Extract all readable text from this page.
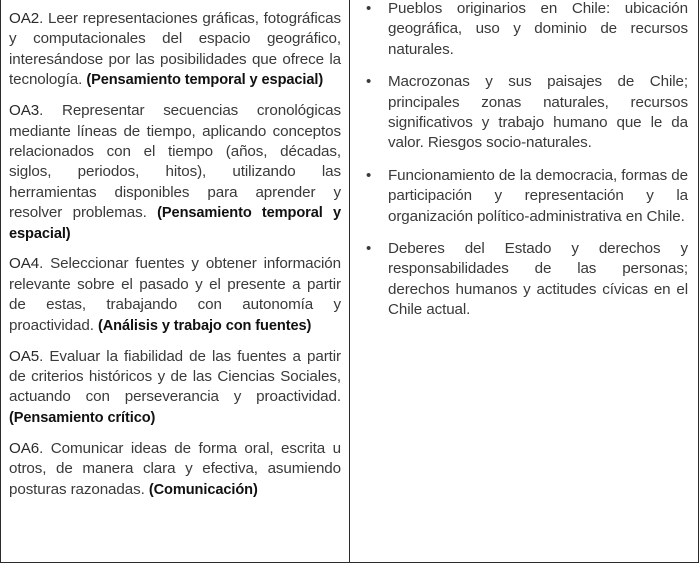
OA2. Leer representaciones gráficas, fotográficas y computacionales del espacio geográfico, interesándose por las posibilidades que ofrece la tecnología. (Pensamiento temporal y espacial)

OA3. Representar secuencias cronológicas mediante líneas de tiempo, aplicando conceptos relacionados con el tiempo (años, décadas, siglos, periodos, hitos), utilizando las herramientas disponibles para aprender y resolver problemas. (Pensamiento temporal y espacial)

OA4. Seleccionar fuentes y obtener información relevante sobre el pasado y el presente a partir de estas, trabajando con autonomía y proactividad. (Análisis y trabajo con fuentes)

OA5. Evaluar la fiabilidad de las fuentes a partir de criterios históricos y de las Ciencias Sociales, actuando con perseverancia y proactividad. (Pensamiento crítico)

OA6. Comunicar ideas de forma oral, escrita u otros, de manera clara y efectiva, asumiendo posturas razonadas. (Comunicación)

• Pueblos originarios en Chile: ubicación geográfica, uso y dominio de recursos naturales.
• Macrozonas y sus paisajes de Chile; principales zonas naturales, recursos significativos y trabajo humano que le da valor. Riesgos socio-naturales.
• Funcionamiento de la democracia, formas de participación y representación y la organización político-administrativa en Chile.
• Deberes del Estado y derechos y responsabilidades de las personas; derechos humanos y actitudes cívicas en el Chile actual.
